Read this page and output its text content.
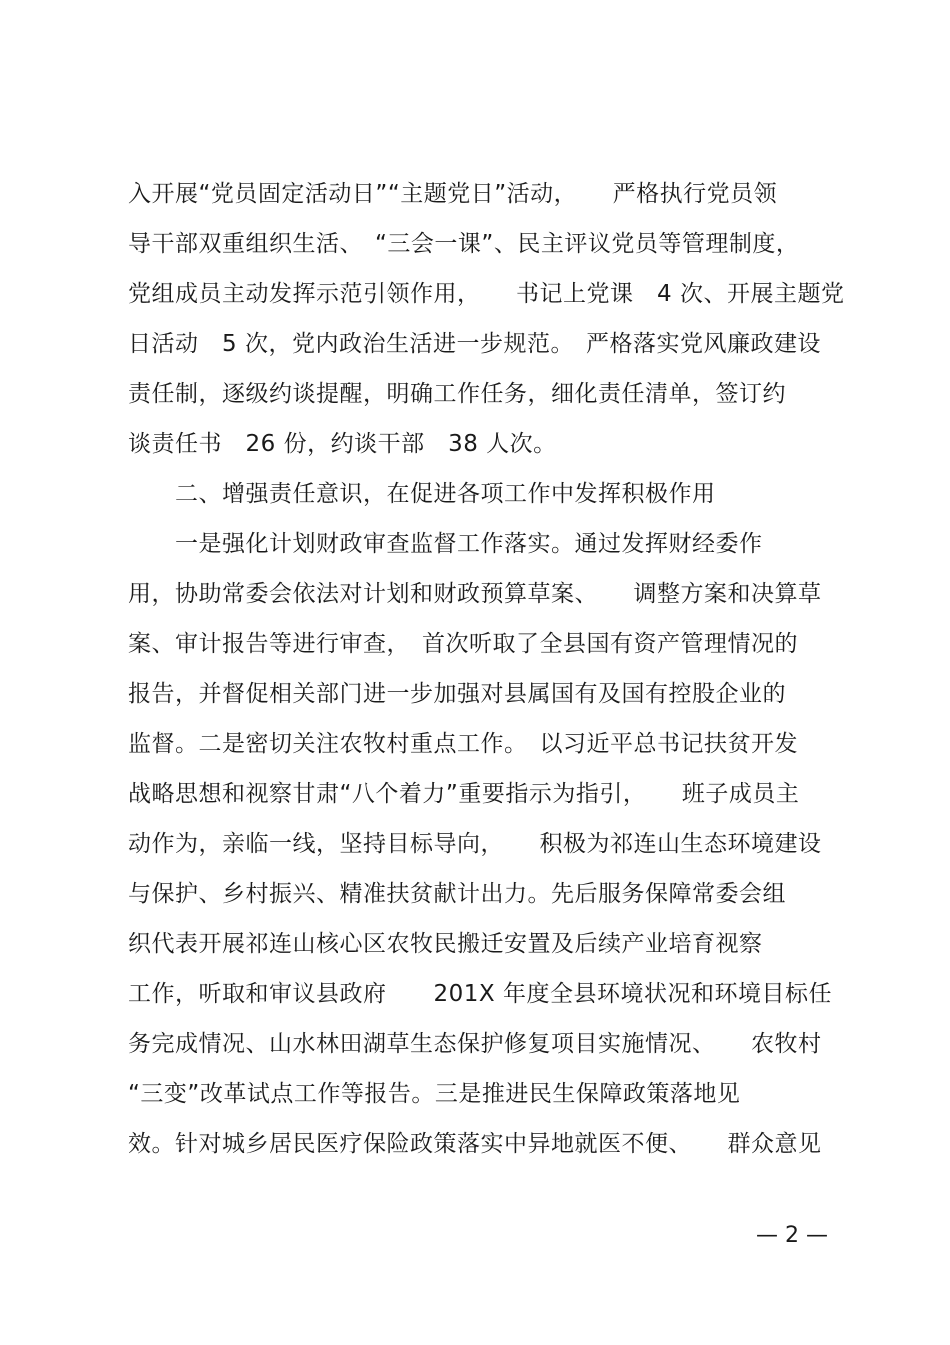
入开展“党员固定活动日”“主题党日”活动，　　严格执行党员领
导干部双重组织生活、　“三会一课”、民主评议党员等管理制度，
党组成员主动发挥示范引领作用，　　书记上党课　4 次、开展主题党
日活动　5 次，党内政治生活进一步规范。　严格落实党风廉政建设
责任制，逐级约谈提醒，明确工作任务，细化责任清单，签订约
谈责任书　26 份，约谈干部　38 人次。
　　二、增强责任意识，在促进各项工作中发挥积极作用
　　一是强化计划财政审查监督工作落实。通过发挥财经委作
用，协助常委会依法对计划和财政预算草案、　　调整方案和决算草
案、审计报告等进行审查，　首次听取了全县国有资产管理情况的
报告，并督促相关部门进一步加强对县属国有及国有控股企业的
监督。二是密切关注农牧村重点工作。　以习近平总书记扶贫开发
战略思想和视察甘肃“八个着力”重要指示为指引，　　班子成员主
动作为，亲临一线，坚持目标导向，　　积极为祁连山生态环境建设
与保护、乡村振兴、精准扶贫献计出力。先后服务保障常委会组
织代表开展祁连山核心区农牧民搬迁安置及后续产业培育视察
工作，听取和审议县政府　　201X 年度全县环境状况和环境目标任
务完成情况、山水林田湖草生态保护修复项目实施情况、　　农牧村
“三变”改革试点工作等报告。三是推进民生保障政策落地见
效。针对城乡居民医疗保险政策落实中异地就医不便、　　群众意见
— 2 —
